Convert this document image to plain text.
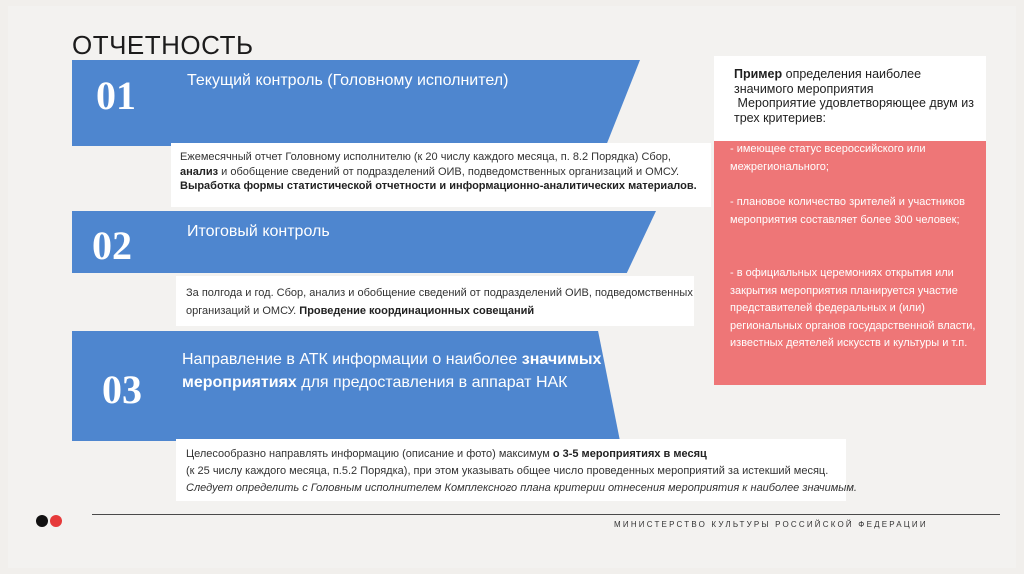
ОТЧЕТНОСТЬ
01	Текущий контроль (Головному исполнител)
Ежемесячный отчет Головному исполнителю (к 20 числу каждого месяца, п. 8.2 Порядка) Сбор, анализ и обобщение сведений от подразделений ОИВ, подведомственных организаций и ОМСУ. Выработка формы статистической отчетности и информационно-аналитических материалов.
02	Итоговый контроль
За полгода и год. Сбор, анализ и обобщение сведений от подразделений ОИВ, подведомственных организаций и ОМСУ. Проведение координационных совещаний
03
Направление в АТК информации о наиболее значимых мероприятиях для предоставления в аппарат НАК
Целесообразно направлять информацию (описание и фото) максимум о 3-5 мероприятиях в месяц
(к 25 числу каждого месяца, п.5.2 Порядка), при этом указывать общее число проведенных мероприятий за истекший месяц.
Следует определить с Головным исполнителем Комплексного плана критерии отнесения мероприятия к наиболее значимым.
Пример определения наиболее значимого мероприятия
Мероприятие удовлетворяющее двум из трех критериев:
- имеющее статус всероссийского или межрегионального;
- плановое количество зрителей и участников мероприятия составляет более 300 человек;
- в официальных церемониях открытия или закрытия мероприятия планируется участие представителей федеральных и (или) региональных органов государственной власти, известных деятелей искусств и культуры и т.п.
МИНИСТЕРСТВО КУЛЬТУРЫ РОССИЙСКОЙ ФЕДЕРАЦИИ
